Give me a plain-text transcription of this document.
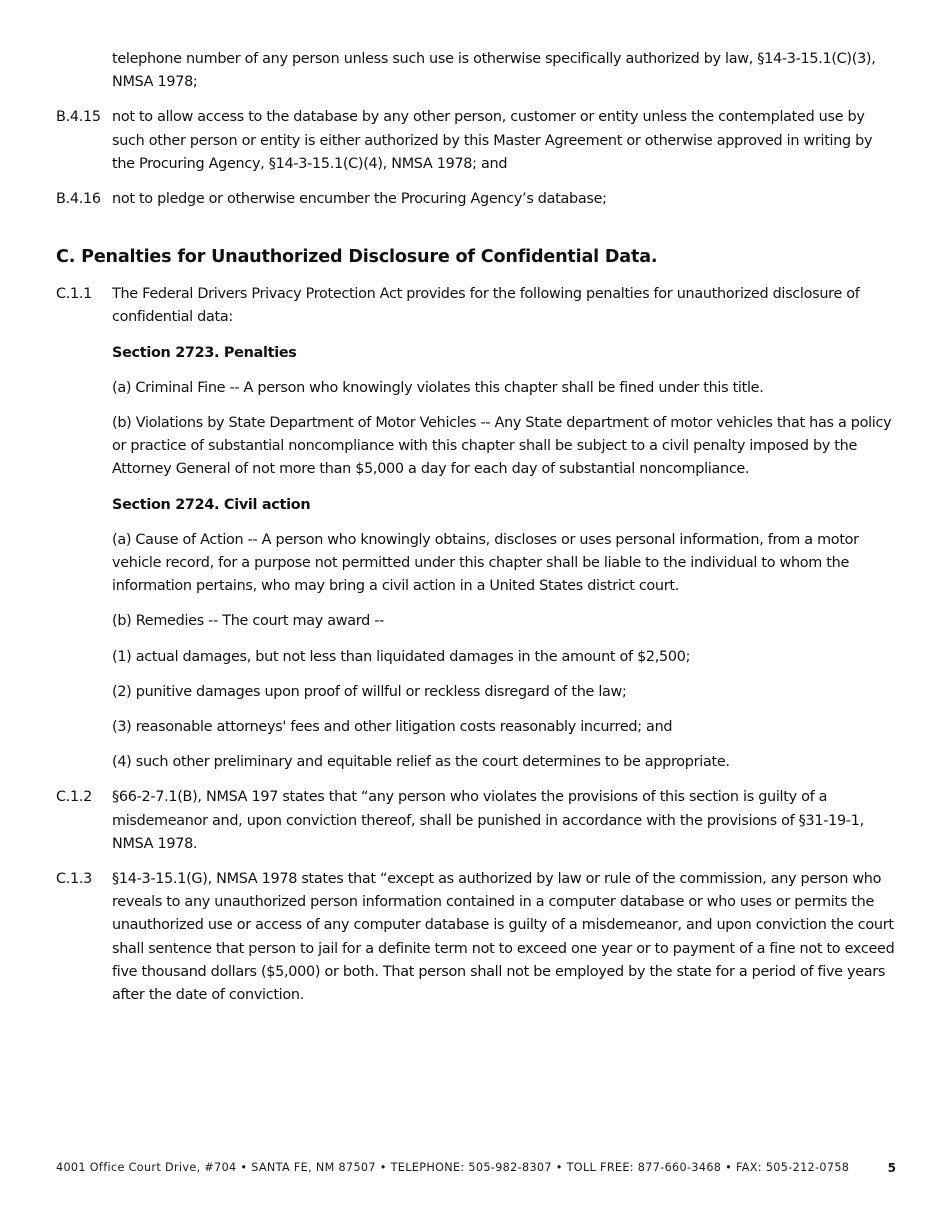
telephone number of any person unless such use is otherwise specifically authorized by law, §14-3-15.1(C)(3), NMSA 1978;

B.4.15 not to allow access to the database by any other person, customer or entity unless the contemplated use by such other person or entity is either authorized by this Master Agreement or otherwise approved in writing by the Procuring Agency, §14-3-15.1(C)(4), NMSA 1978; and
B.4.16 not to pledge or otherwise encumber the Procuring Agency’s database;
C. Penalties for Unauthorized Disclosure of Confidential Data.
C.1.1	The Federal Drivers Privacy Protection Act provides for the following penalties for unauthorized disclosure of confidential data:

Section 2723. Penalties

(a) Criminal Fine -- A person who knowingly violates this chapter shall be fined under this title.

(b) Violations by State Department of Motor Vehicles -- Any State department of motor vehicles that has a policy or practice of substantial noncompliance with this chapter shall be subject to a civil penalty imposed by the Attorney General of not more than $5,000 a day for each day of substantial noncompliance.

Section 2724. Civil action

(a) Cause of Action -- A person who knowingly obtains, discloses or uses personal information, from a motor vehicle record, for a purpose not permitted under this chapter shall be liable to the individual to whom the information pertains, who may bring a civil action in a United States district court.

(b) Remedies -- The court may award --

(1) actual damages, but not less than liquidated damages in the amount of $2,500;

(2) punitive damages upon proof of willful or reckless disregard of the law;

(3) reasonable attorneys' fees and other litigation costs reasonably incurred; and

(4) such other preliminary and equitable relief as the court determines to be appropriate.

C.1.2	§66-2-7.1(B), NMSA 197 states that “any person who violates the provisions of this section is guilty of a misdemeanor and, upon conviction thereof, shall be punished in accordance with the provisions of §31-19-1, NMSA 1978.
C.1.3	§14-3-15.1(G), NMSA 1978 states that “except as authorized by law or rule of the commission, any person who reveals to any unauthorized person information contained in a computer database or who uses or permits the unauthorized use or access of any computer database is guilty of a misdemeanor, and upon conviction the court shall sentence that person to jail for a definite term not to exceed one year or to payment of a fine not to exceed five thousand dollars ($5,000) or both. That person shall not be employed by the state for a period of five years after the date of conviction.
4001 Office Court Drive, #704 • SANTA FE, NM 87507 • TELEPHONE: 505-982-8307 • TOLL FREE: 877-660-3468 • FAX: 505-212-0758	5
